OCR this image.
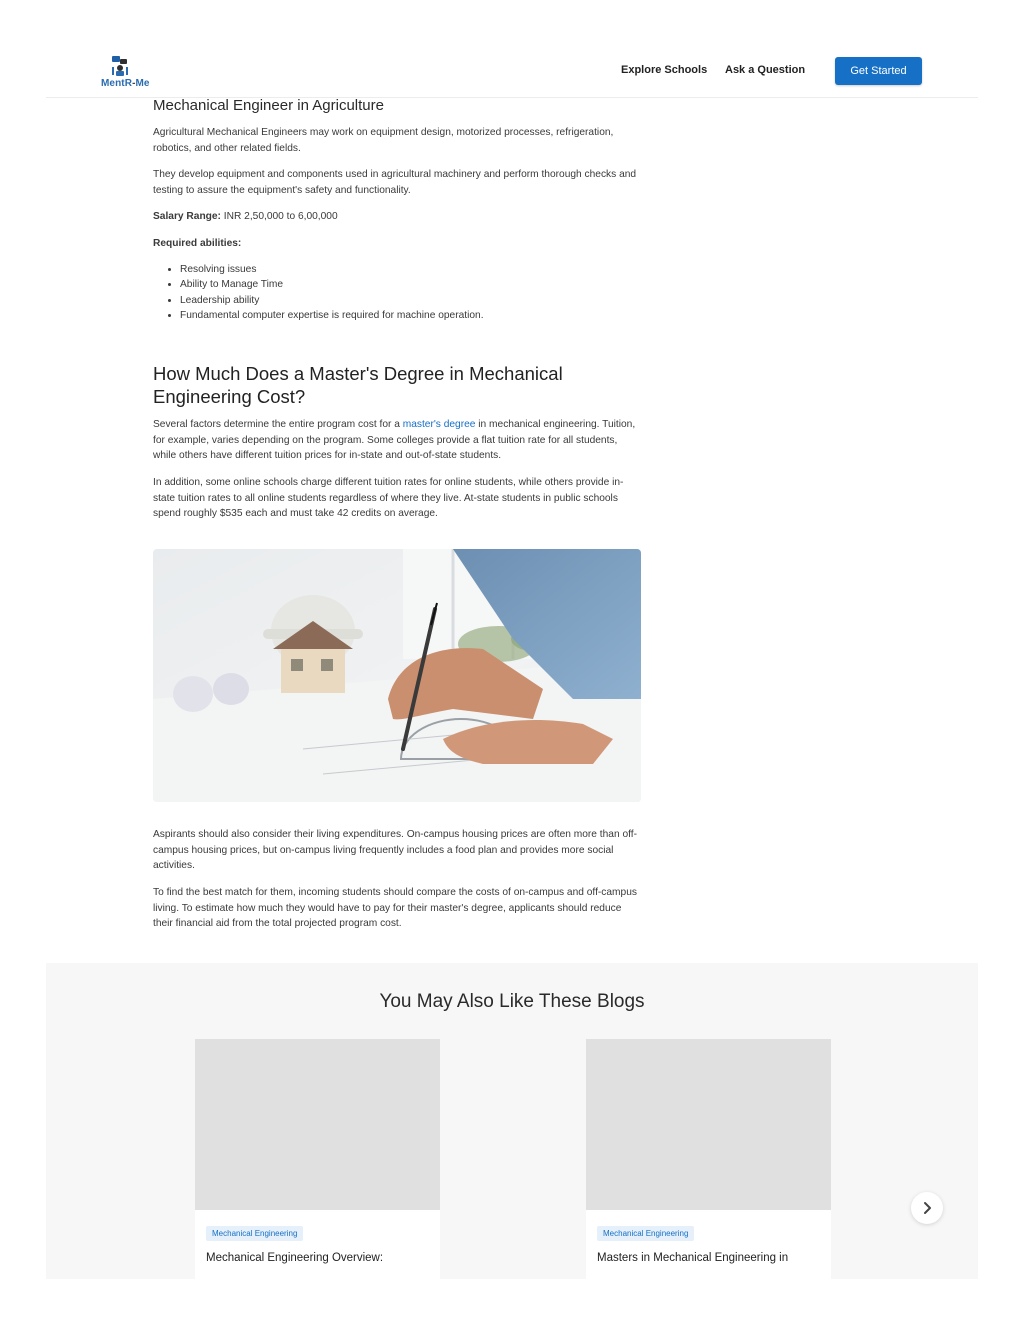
MentR-Me
Explore Schools Ask a Question	Get Started
Mechanical Engineer in Agriculture

Agricultural Mechanical Engineers may work on equipment design, motorized processes, refrigeration, robotics, and other related fields.

They develop equipment and components used in agricultural machinery and perform thorough checks and testing to assure the equipment's safety and functionality.

Salary Range: INR 2,50,000 to 6,00,000

Required abilities:

• Resolving issues
• Ability to Manage Time
• Leadership ability
• Fundamental computer expertise is required for machine operation.
How Much Does a Master's Degree in Mechanical Engineering Cost?

Several factors determine the entire program cost for a master's degree in mechanical engineering. Tuition, for example, varies depending on the program. Some colleges provide a flat tuition rate for all students, while others have different tuition prices for in-state and out-of-state students.

In addition, some online schools charge different tuition rates for online students, while others provide in-state tuition rates to all online students regardless of where they live. At-state students in public schools spend roughly $535 each and must take 42 credits on average.

Aspirants should also consider their living expenditures. On-campus housing prices are often more than off-campus housing prices, but on-campus living frequently includes a food plan and provides more social activities.

To find the best match for them, incoming students should compare the costs of on-campus and off-campus living. To estimate how much they would have to pay for their master's degree, applicants should reduce their financial aid from the total projected program cost.

You May Also Like These Blogs
Mechanical Engineering
Mechanical Engineering Overview:
Mechanical Engineering
Masters in Mechanical Engineering in
